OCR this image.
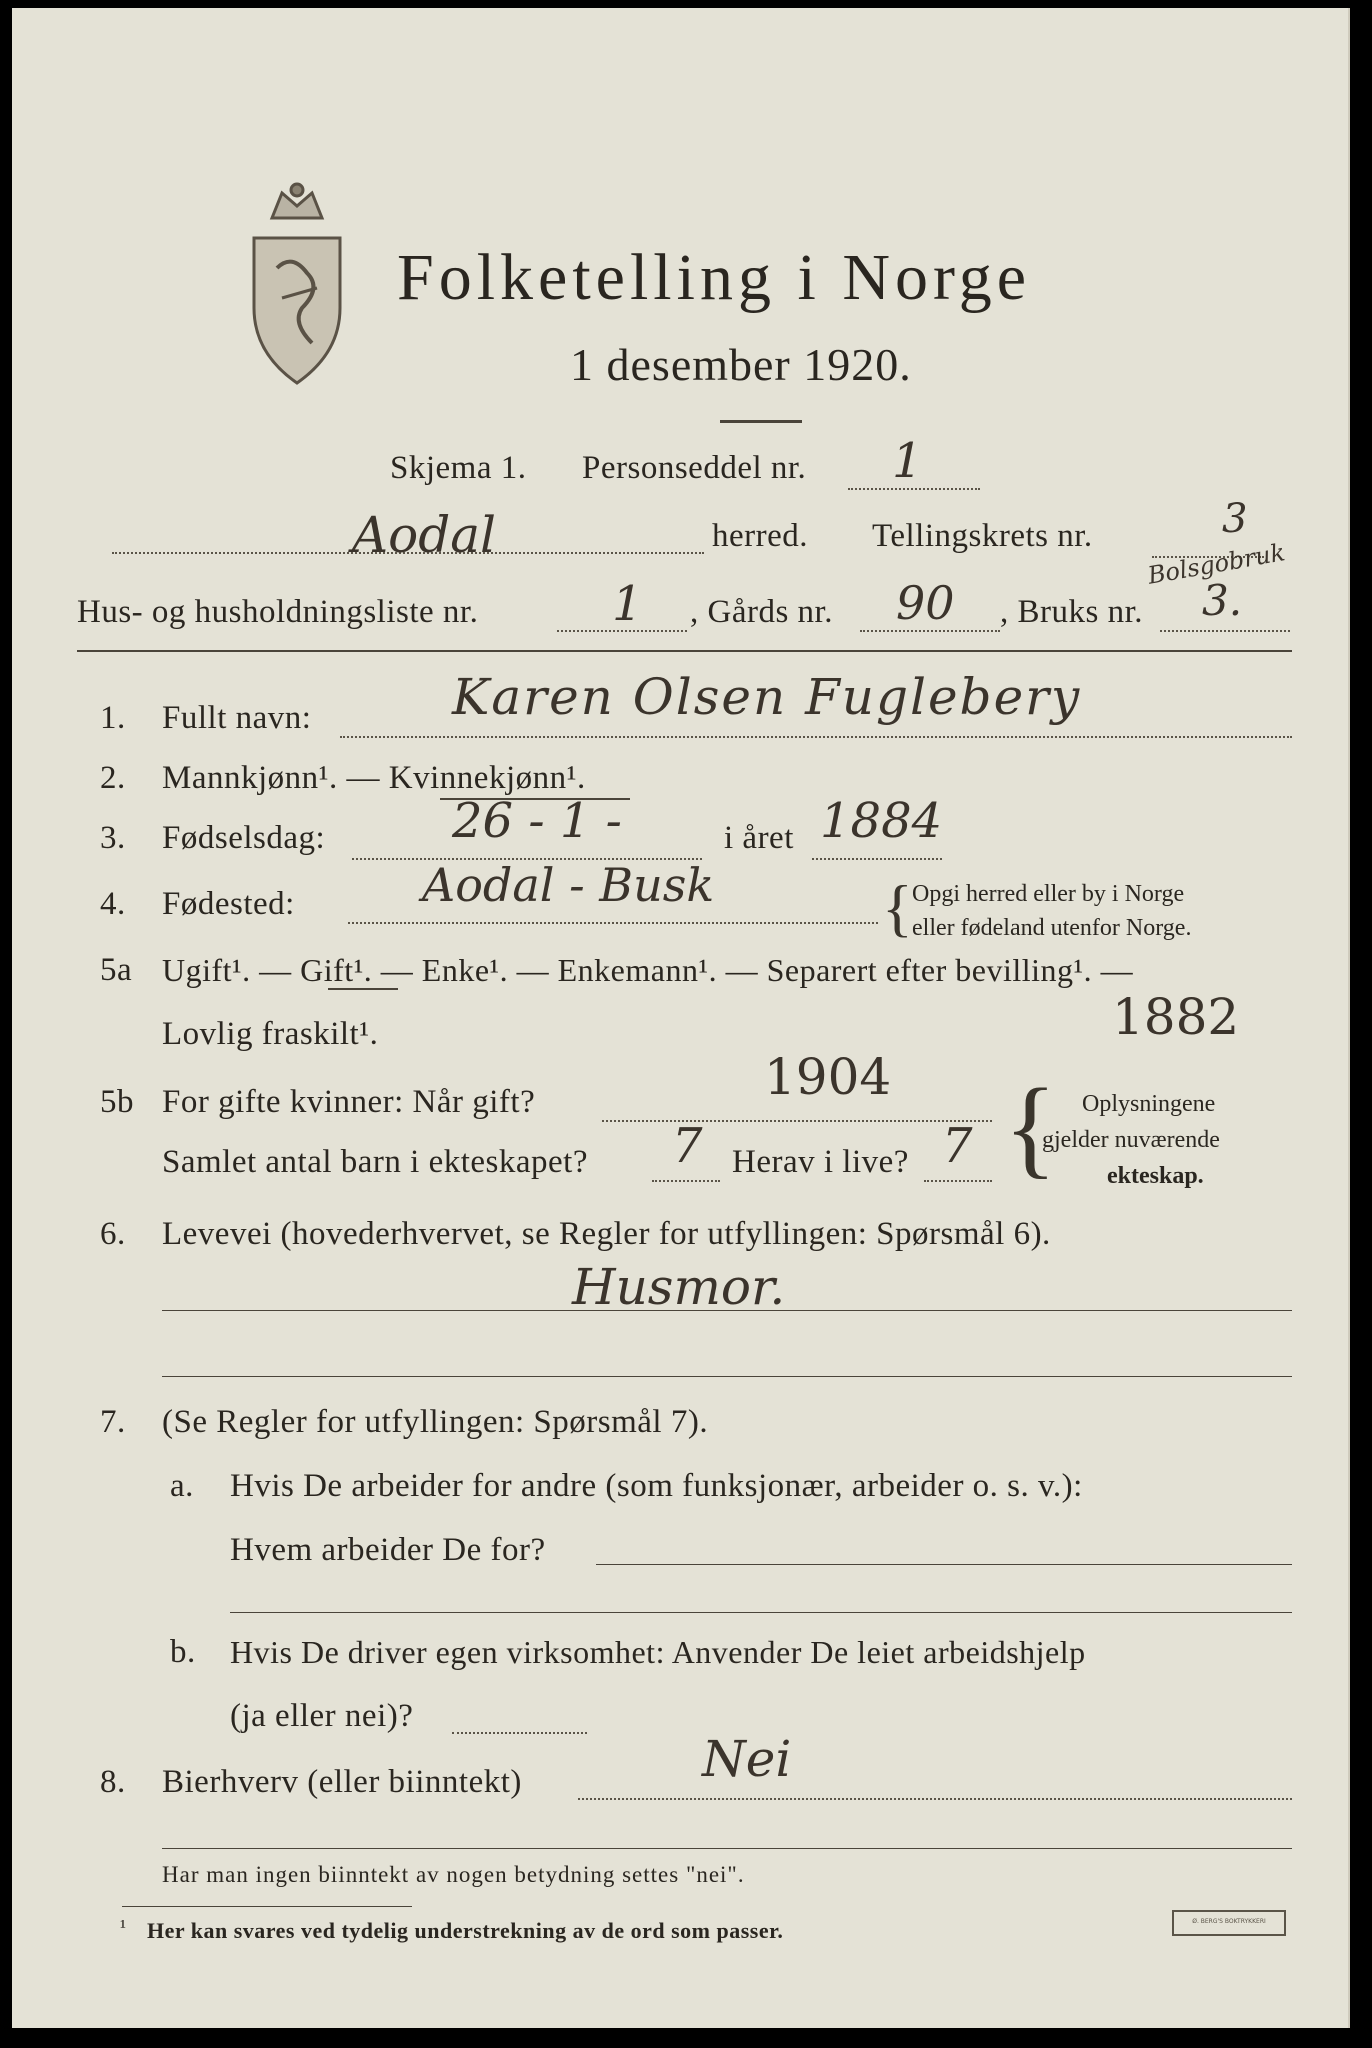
Folketelling i Norge
1 desember 1920.
Skjema 1. Personseddel nr. 1
Aodal	herred. Tellingskrets nr.	3
Bolsgobruk
Hus- og husholdningsliste nr.	1 , Gårds nr. 90 , Bruks nr. 3.
1. Fullt navn:	Karen Olsen Fuglebery
2. Mannkjønn¹. — Kvinnekjønn¹.
3. Fødselsdag:	26 - 1 -	i året 1884
4. Fødested:	Aodal - Busk	{ Opgi herred eller by i Norge
eller fødeland utenfor Norge.
5a Ugift¹. — Gift¹. — Enke¹. — Enkemann¹. — Separert efter bevilling¹. —
Lovlig fraskilt¹.	1882
5b For gifte kvinner: Når gift?	1904
Samlet antal barn i ekteskapet? 7 Herav i live? 7 { Oplysningene
gjelder nuværende
ekteskap.
6. Levevei (hovederhvervet, se Regler for utfyllingen: Spørsmål 6).
Husmor.
7. (Se Regler for utfyllingen: Spørsmål 7).
a. Hvis De arbeider for andre (som funksjonær, arbeider o. s. v.):
Hvem arbeider De for?
b. Hvis De driver egen virksomhet: Anvender De leiet arbeidshjelp
(ja eller nei)?
8. Bierhverv (eller biinntekt)	Nei
Har man ingen biinntekt av nogen betydning settes "nei".
¹ Her kan svares ved tydelig understrekning av de ord som passer.	Ø. BERG'S BOKTRYKKERI
